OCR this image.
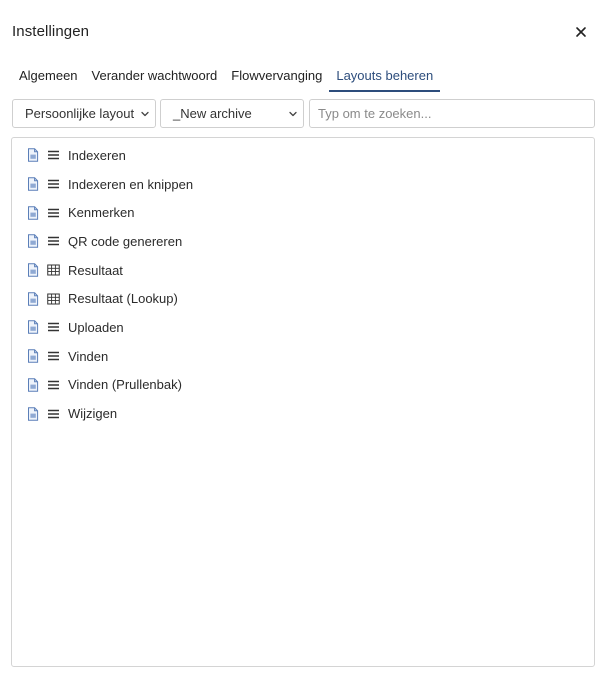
Instellingen
Algemeen	Verander wachtwoord	Flowvervanging	Layouts beheren
Persoonlijke layout	_New archive
Typ om te zoeken...
Indexeren
Indexeren en knippen
Kenmerken
QR code genereren
Resultaat
Resultaat (Lookup)
Uploaden
Vinden
Vinden (Prullenbak)
Wijzigen
